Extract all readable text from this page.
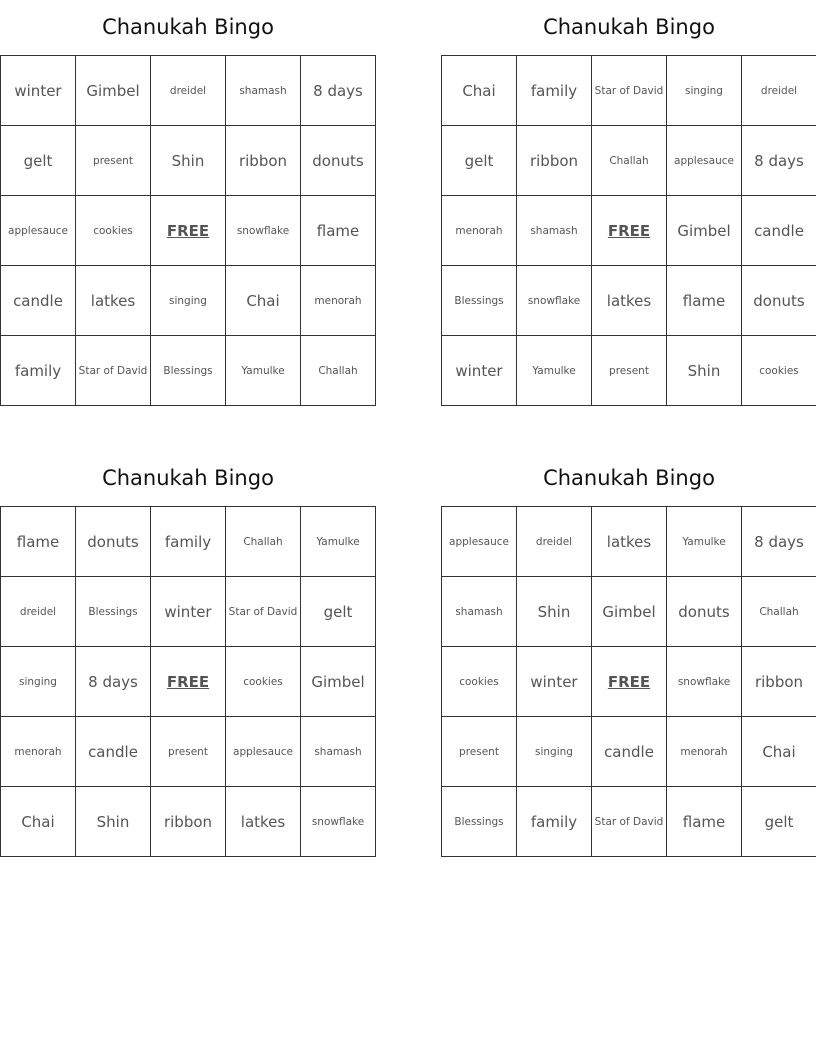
Chanukah Bingo
winter	Gimbel	dreidel	shamash	8 days
gelt	present	Shin	ribbon	donuts
applesauce	cookies	FREE	snowflake	flame
candle	latkes	singing	Chai	menorah
family	Star of David	Blessings	Yamulke	Challah
Chanukah Bingo
Chai	family	Star of David	singing	dreidel
gelt	ribbon	Challah	applesauce	8 days
menorah	shamash	FREE	Gimbel	candle
Blessings	snowflake	latkes	flame	donuts
winter	Yamulke	present	Shin	cookies
Chanukah Bingo
flame	donuts	family	Challah	Yamulke
dreidel	Blessings	winter	Star of David	gelt
singing	8 days	FREE	cookies	Gimbel
menorah	candle	present	applesauce	shamash
Chai	Shin	ribbon	latkes	snowflake
Chanukah Bingo
applesauce	dreidel	latkes	Yamulke	8 days
shamash	Shin	Gimbel	donuts	Challah
cookies	winter	FREE	snowflake	ribbon
present	singing	candle	menorah	Chai
Blessings	family	Star of David	flame	gelt
